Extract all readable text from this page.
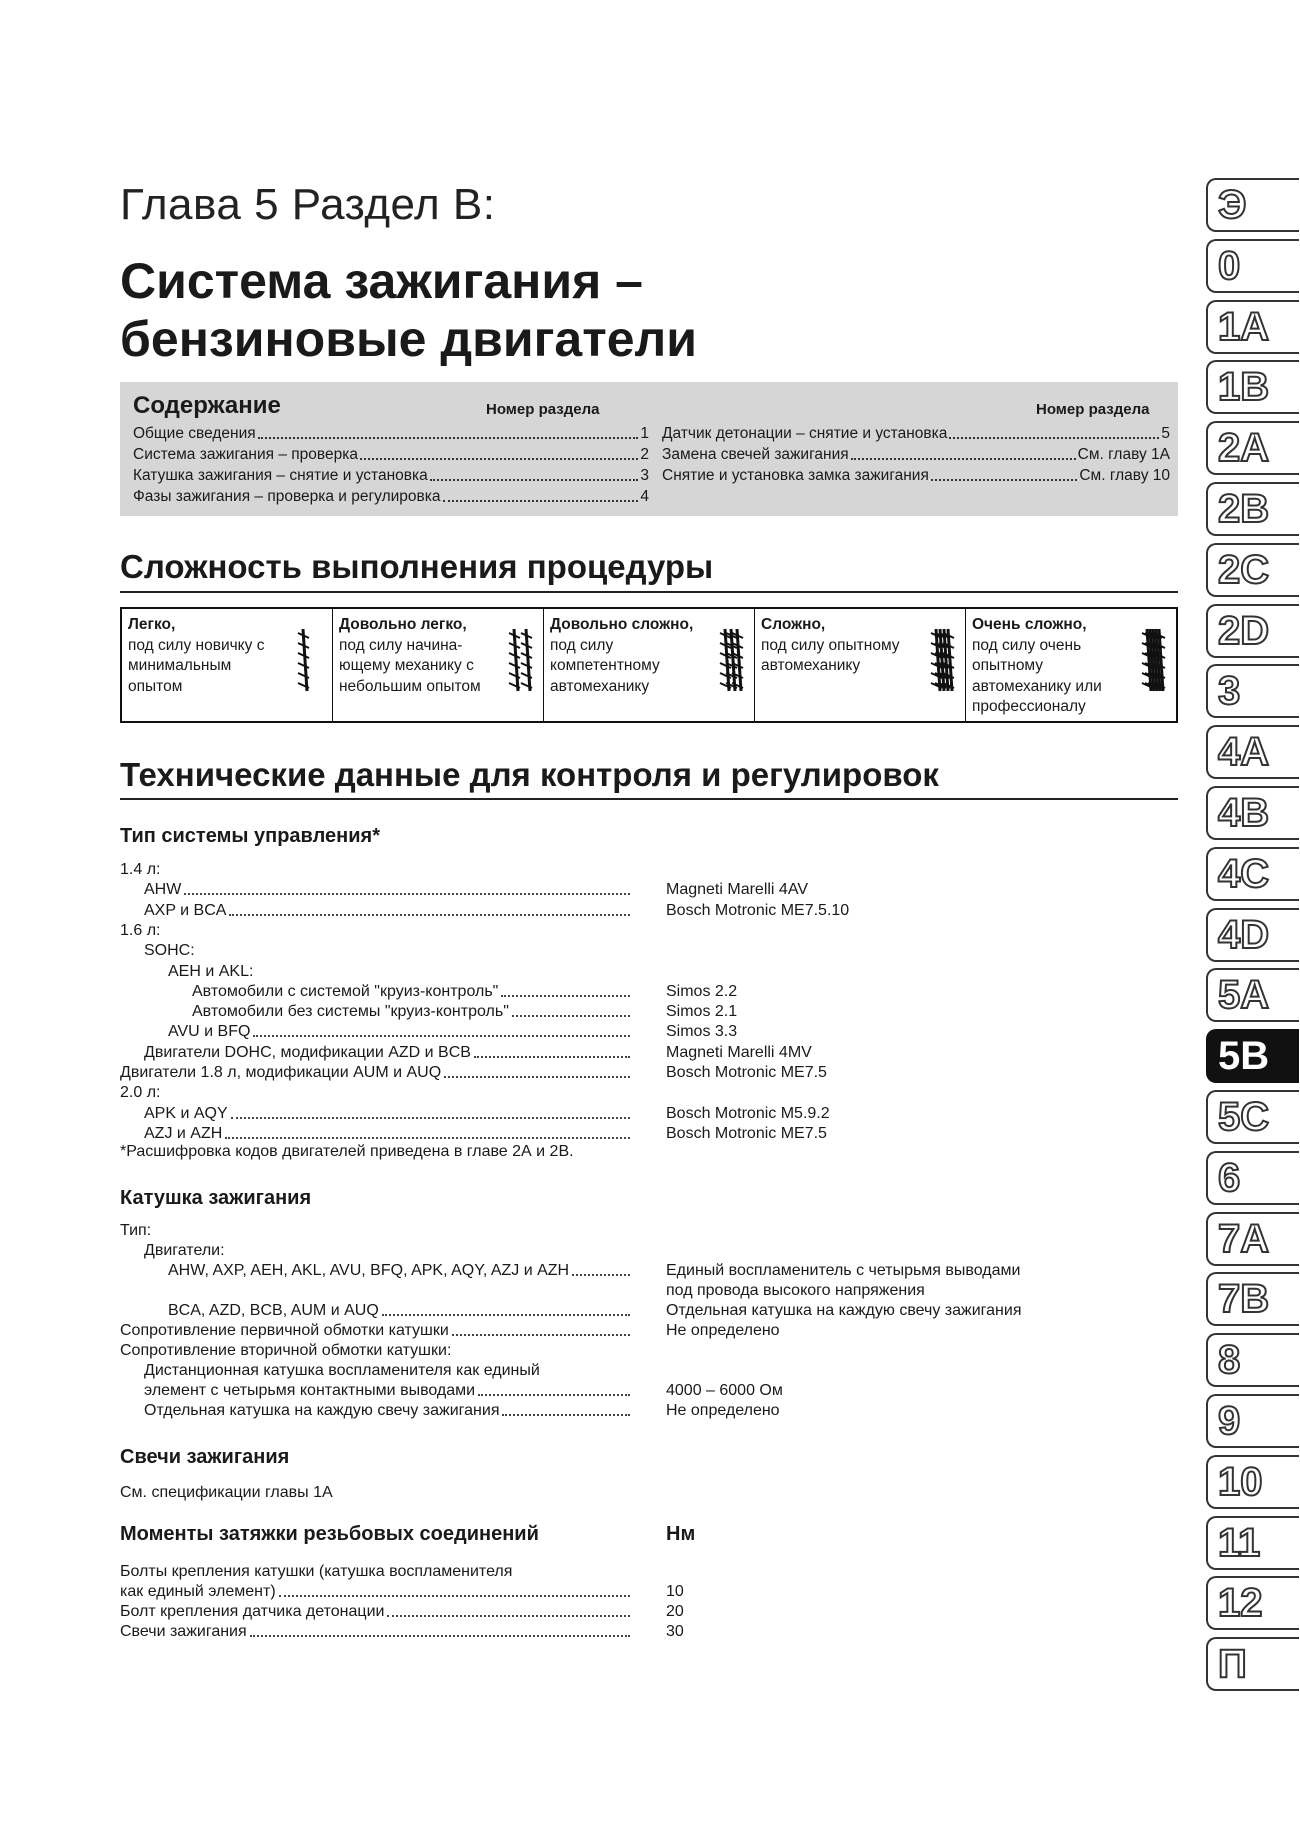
Глава 5 Раздел B:
Система зажигания –
бензиновые двигатели
Содержание	Номер раздела	Номер раздела
Общие сведения	1
Система зажигания – проверка	2
Катушка зажигания – снятие и установка	3
Фазы зажигания – проверка и регулировка	4
Датчик детонации – снятие и установка	5
Замена свечей зажигания	См. главу 1A
Снятие и установка замка зажигания	См. главу 10
Сложность выполнения процедуры
Легко,
под силу новичку с минимальным опытом
Довольно легко,
под силу начина-ющему механику с небольшим опытом
Довольно сложно,
под силу компетентному автомеханику
Сложно,
под силу опытному автомеханику
Очень сложно,
под силу очень опытному автомеханику или профессионалу
Технические данные для контроля и регулировок
Тип системы управления*
1.4 л:
AHW	Magneti Marelli 4AV
AXP и BCA	Bosch Motronic ME7.5.10
1.6 л:
SOHC:
AEH и AKL:
Автомобили с системой "круиз-контроль"	Simos 2.2
Автомобили без системы "круиз-контроль"	Simos 2.1
AVU и BFQ	Simos 3.3
Двигатели DOHC, модификации AZD и BCB	Magneti Marelli 4MV
Двигатели 1.8 л, модификации AUM и AUQ	Bosch Motronic ME7.5
2.0 л:
APK и AQY	Bosch Motronic M5.9.2
AZJ и AZH	Bosch Motronic ME7.5
*Расшифровка кодов двигателей приведена в главе 2А и 2В.
Катушка зажигания
Тип:
Двигатели:
AHW, AXP, AEH, AKL, AVU, BFQ, APK, AQY, AZJ и AZH	Единый воспламенитель с четырьмя выводами
под провода высокого напряжения
BCA, AZD, BCB, AUM и AUQ	Отдельная катушка на каждую свечу зажигания
Сопротивление первичной обмотки катушки	Не определено
Сопротивление вторичной обмотки катушки:
Дистанционная катушка воспламенителя как единый
элемент с четырьмя контактными выводами	4000 – 6000 Ом
Отдельная катушка на каждую свечу зажигания	Не определено
Свечи зажигания
См. спецификации главы 1А
Моменты затяжки резьбовых соединений	Нм
Болты крепления катушки (катушка воспламенителя
как единый элемент)	10
Болт крепления датчика детонации	20
Свечи зажигания	30
Э
0
1A
1B
2A
2B
2C
2D
3
4A
4B
4C
4D
5A
5B
5C
6
7A
7B
8
9
10
11
12
П
